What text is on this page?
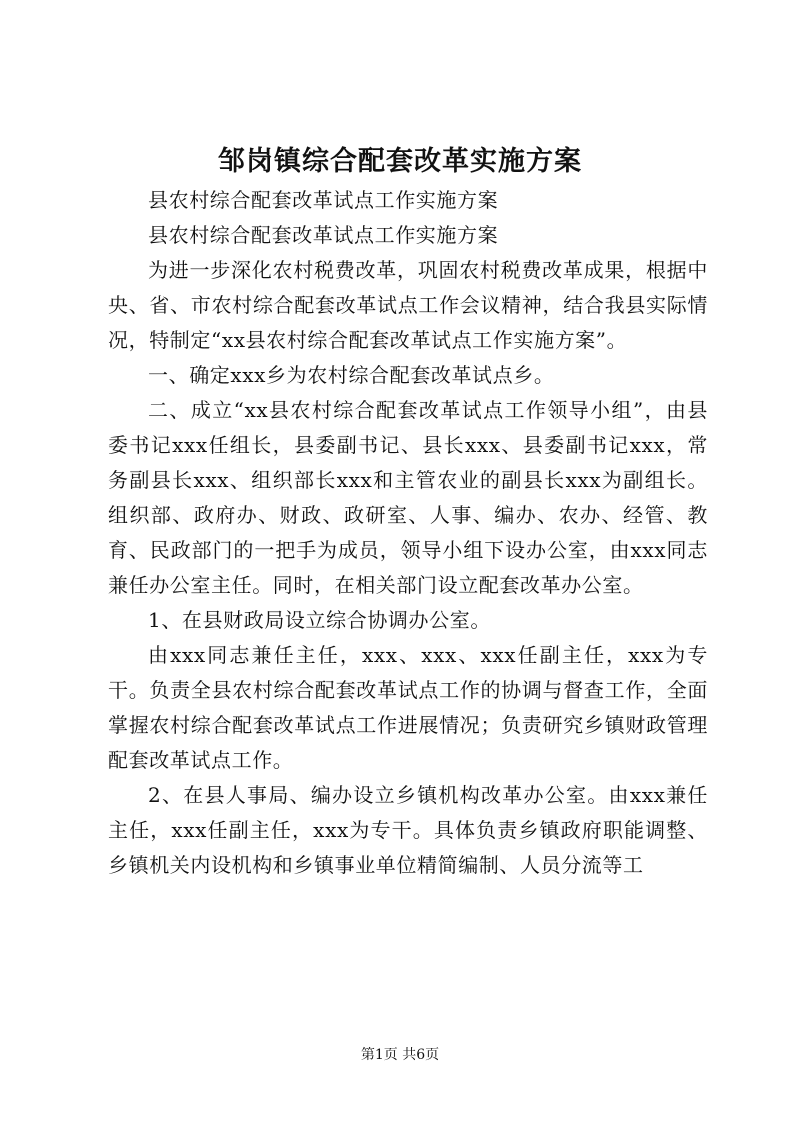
邹岗镇综合配套改革实施方案

县农村综合配套改革试点工作实施方案

县农村综合配套改革试点工作实施方案

为进一步深化农村税费改革，巩固农村税费改革成果，根据中央、省、市农村综合配套改革试点工作会议精神，结合我县实际情况，特制定“xx县农村综合配套改革试点工作实施方案”。

一、确定xxx乡为农村综合配套改革试点乡。

二、成立“xx县农村综合配套改革试点工作领导小组”，由县委书记xxx任组长，县委副书记、县长xxx、县委副书记xxx，常务副县长xxx、组织部长xxx和主管农业的副县长xxx为副组长。组织部、政府办、财政、政研室、人事、编办、农办、经管、教育、民政部门的一把手为成员，领导小组下设办公室，由xxx同志兼任办公室主任。同时，在相关部门设立配套改革办公室。

1、在县财政局设立综合协调办公室。

由xxx同志兼任主任，xxx、xxx、xxx任副主任，xxx为专干。负责全县农村综合配套改革试点工作的协调与督查工作，全面掌握农村综合配套改革试点工作进展情况；负责研究乡镇财政管理配套改革试点工作。

2、在县人事局、编办设立乡镇机构改革办公室。由xxx兼任主任，xxx任副主任，xxx为专干。具体负责乡镇政府职能调整、乡镇机关内设机构和乡镇事业单位精简编制、人员分流等工

第1页 共6页
